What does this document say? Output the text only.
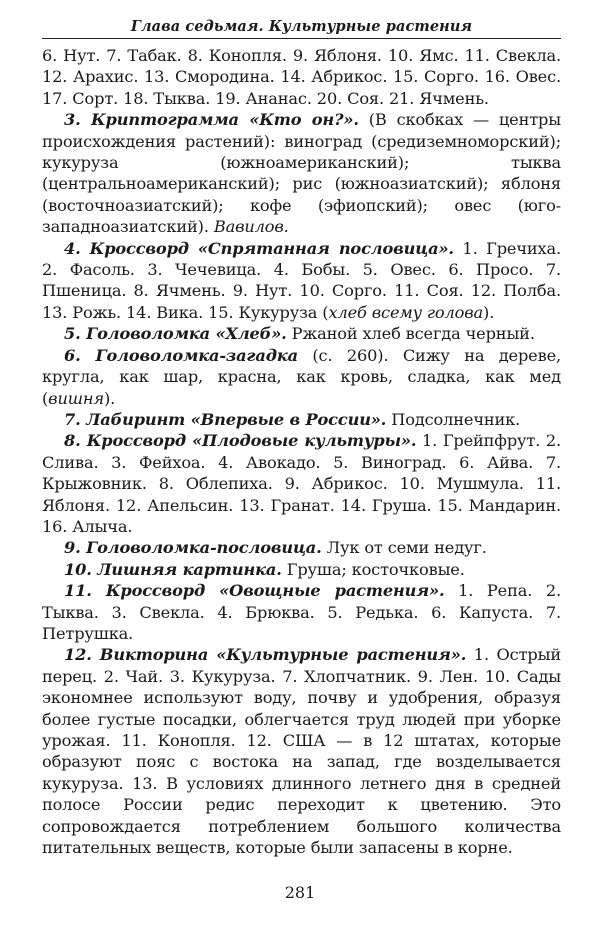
Глава седьмая. Культурные растения

6. Нут. 7. Табак. 8. Конопля. 9. Яблоня. 10. Ямс. 11. Свекла. 12. Арахис. 13. Смородина. 14. Абрикос. 15. Сорго. 16. Овес. 17. Сорт. 18. Тыква. 19. Ананас. 20. Соя. 21. Ячмень.

3. Криптограмма «Кто он?». (В скобках — центры происхождения растений): виноград (средиземноморский); кукуруза (южноамериканский); тыква (центральноамериканский); рис (южноазиатский); яблоня (восточноазиатский); кофе (эфиопский); овес (юго-западноазиатский). Вавилов.

4. Кроссворд «Спрятанная пословица». 1. Гречиха. 2. Фасоль. 3. Чечевица. 4. Бобы. 5. Овес. 6. Просо. 7. Пшеница. 8. Ячмень. 9. Нут. 10. Сорго. 11. Соя. 12. Полба. 13. Рожь. 14. Вика. 15. Кукуруза (хлеб всему голова).

5. Головоломка «Хлеб». Ржаной хлеб всегда черный.

6. Головоломка-загадка (с. 260). Сижу на дереве, кругла, как шар, красна, как кровь, сладка, как мед (вишня).

7. Лабиринт «Впервые в России». Подсолнечник.

8. Кроссворд «Плодовые культуры». 1. Грейпфрут. 2. Слива. 3. Фейхоа. 4. Авокадо. 5. Виноград. 6. Айва. 7. Крыжовник. 8. Облепиха. 9. Абрикос. 10. Мушмула. 11. Яблоня. 12. Апельсин. 13. Гранат. 14. Груша. 15. Мандарин. 16. Алыча.

9. Головоломка-пословица. Лук от семи недуг.

10. Лишняя картинка. Груша; косточковые.

11. Кроссворд «Овощные растения». 1. Репа. 2. Тыква. 3. Свекла. 4. Брюква. 5. Редька. 6. Капуста. 7. Петрушка.

12. Викторина «Культурные растения». 1. Острый перец. 2. Чай. 3. Кукуруза. 7. Хлопчатник. 9. Лен. 10. Сады экономнее используют воду, почву и удобрения, образуя более густые посадки, облегчается труд людей при уборке урожая. 11. Конопля. 12. США — в 12 штатах, которые образуют пояс с востока на запад, где возделывается кукуруза. 13. В условиях длинного летнего дня в средней полосе России редис переходит к цветению. Это сопровождается потреблением большого количества питательных веществ, которые были запасены в корне.

281
